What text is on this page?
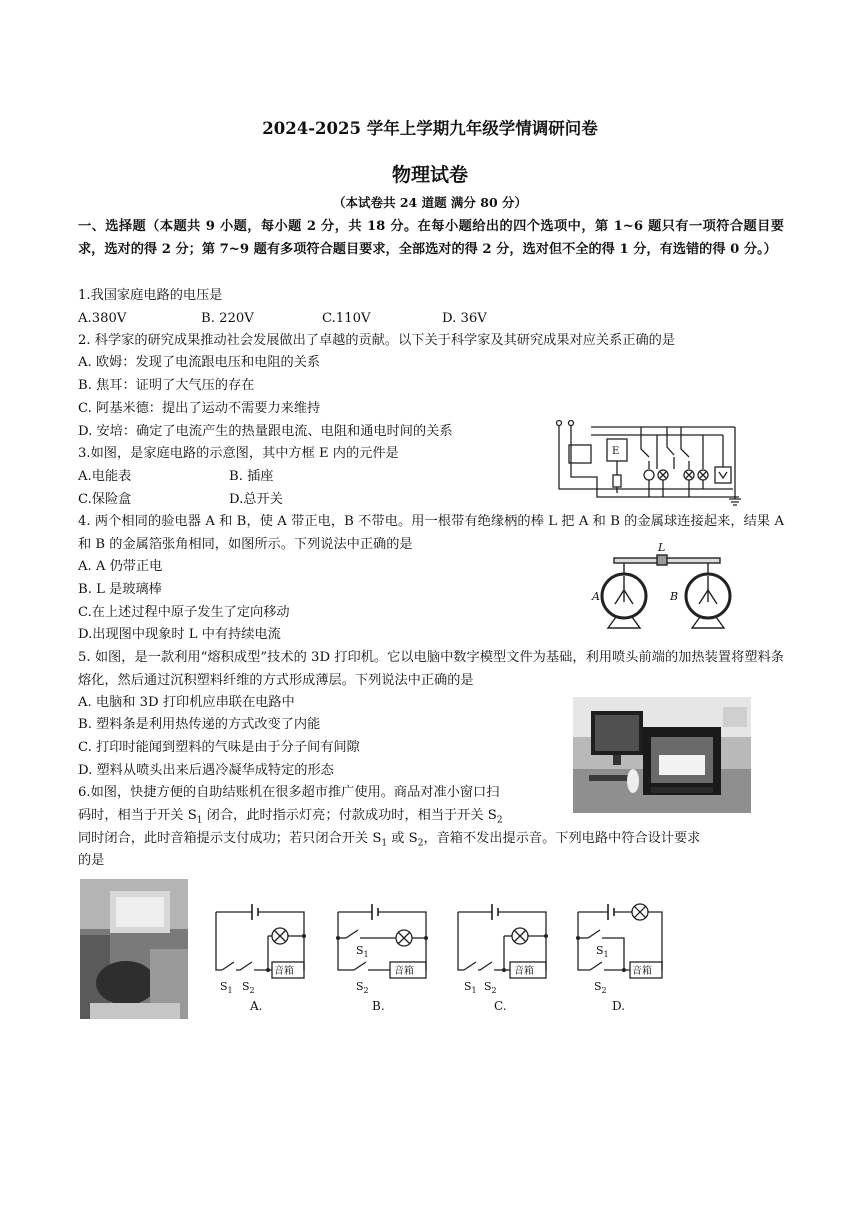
2024-2025 学年上学期九年级学情调研问卷
物理试卷
（本试卷共 24 道题 满分 80 分）
一、选择题（本题共 9 小题，每小题 2 分，共 18 分。在每小题给出的四个选项中，第 1~6 题只有一项符合题目要求，选对的得 2 分；第 7~9 题有多项符合题目要求，全部选对的得 2 分，选对但不全的得 1 分，有选错的得 0 分。）
1.我国家庭电路的电压是
A.380V	B. 220V	C.110V	D. 36V
2. 科学家的研究成果推动社会发展做出了卓越的贡献。以下关于科学家及其研究成果对应关系正确的是
A. 欧姆：发现了电流跟电压和电阻的关系
B. 焦耳：证明了大气压的存在
C. 阿基米德：提出了运动不需要力来维持
D. 安培：确定了电流产生的热量跟电流、电阻和通电时间的关系
3.如图，是家庭电路的示意图，其中方框 E 内的元件是
A.电能表	B. 插座
C.保险盒	D.总开关
E
4. 两个相同的验电器 A 和 B，使 A 带正电，B 不带电。用一根带有绝缘柄的棒 L 把 A 和 B 的金属球连接起来，结果 A 和 B 的金属箔张角相同，如图所示。下列说法中正确的是
A. A 仍带正电
B. L 是玻璃棒
C.在上述过程中原子发生了定向移动
D.出现图中现象时 L 中有持续电流
L
A	B
5. 如图，是一款利用“熔积成型”技术的 3D 打印机。它以电脑中数字模型文件为基础，利用喷头前端的加热装置将塑料条熔化，然后通过沉积塑料纤维的方式形成薄层。下列说法中正确的是
A. 电脑和 3D 打印机应串联在电路中
B. 塑料条是利用热传递的方式改变了内能
C. 打印时能闻到塑料的气味是由于分子间有间隙
D. 塑料从喷头出来后遇冷凝华成特定的形态
6.如图，快捷方便的自助结账机在很多超市推广使用。商品对准小窗口扫
码时，相当于开关 $S_1$ 闭合，此时指示灯亮；付款成功时，相当于开关 $S_2$
同时闭合，此时音箱提示支付成功；若只闭合开关 $S_1$ 或 $S_2$，音箱不发出提示音。下列电路中符合设计要求
的是
音箱
$S_1$ $S_2$
A.
音箱
$S_1$
$S_2$
B.
音箱
$S_1$ $S_2$
C.
音箱
$S_1$
$S_2$
D.
